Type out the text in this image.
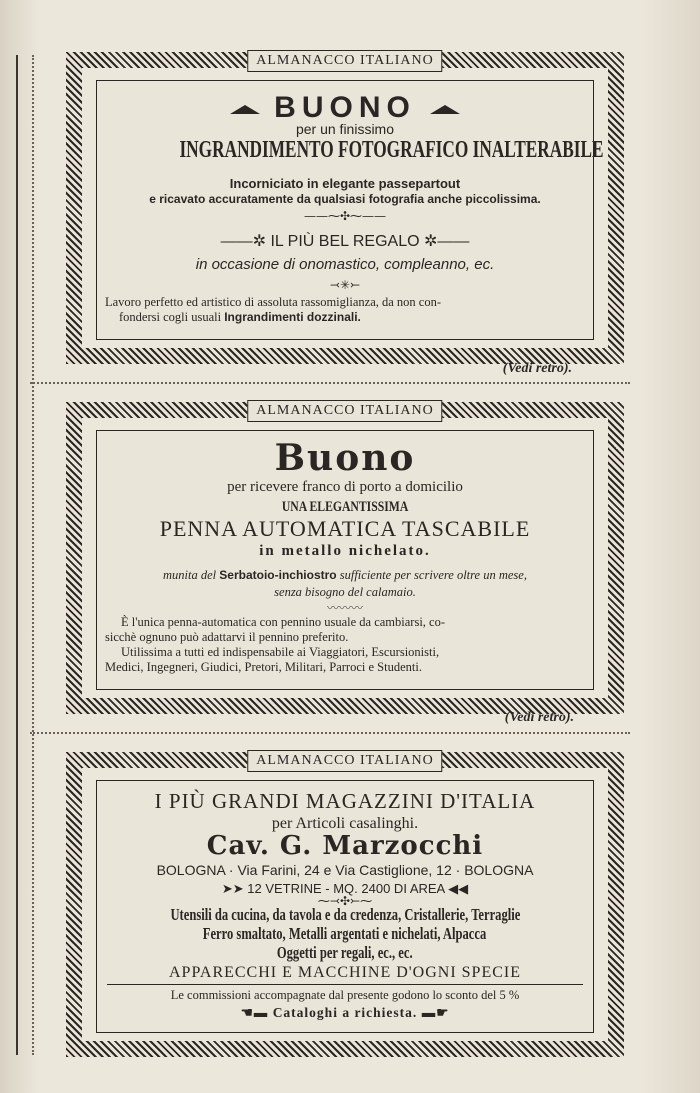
BUONO
per un finissimo
INGRANDIMENTO FOTOGRAFICO INALTERABILE
Incorniciato in elegante passepartout
e ricavato accuratamente da qualsiasi fotografia anche piccolissima.
——⁓✣⁓——
——✲ IL PIÙ BEL REGALO ✲——
in occasione di onomastico, compleanno, ec.
⤙✳⤚
Lavoro perfetto ed artistico di assoluta rassomiglianza, da non con-
fondersi cogli usuali Ingrandimenti dozzinali.
ALMANACCO ITALIANO
(Vedi retro).
Buono
per ricevere franco di porto a domicilio
UNA ELEGANTISSIMA
PENNA AUTOMATICA TASCABILE
in metallo nichelato.
munita del Serbatoio-inchiostro sufficiente per scrivere oltre un mese,
senza bisogno del calamaio.
〰〰〰
È l'unica penna-automatica con pennino usuale da cambiarsi, co-
sicchè ognuno può adattarvi il pennino preferito.
Utilissima a tutti ed indispensabile ai Viaggiatori, Escursionisti,
Medici, Ingegneri, Giudici, Pretori, Militari, Parroci e Studenti.
ALMANACCO ITALIANO
(Vedi retro).
I PIÙ GRANDI MAGAZZINI D'ITALIA
per Articoli casalinghi.
Cav. G. Marzocchi
BOLOGNA · Via Farini, 24 e Via Castiglione, 12 · BOLOGNA
➤➤ 12 VETRINE - MQ. 2400 DI AREA ◀◀
⁓⤙✣⤚⁓
Utensili da cucina, da tavola e da credenza, Cristallerie, Terraglie
Ferro smaltato, Metalli argentati e nichelati, Alpacca
Oggetti per regali, ec., ec.
APPARECCHI E MACCHINE D'OGNI SPECIE
Le commissioni accompagnate dal presente godono lo sconto del 5 %
☚▬ Cataloghi a richiesta. ▬☛
ALMANACCO ITALIANO
